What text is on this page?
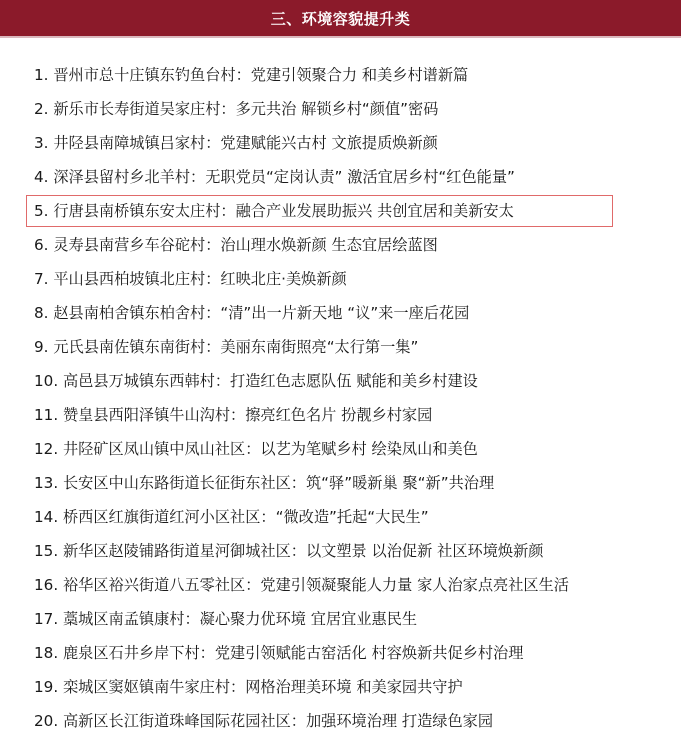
三、环境容貌提升类
1. 晋州市总十庄镇东钓鱼台村：党建引领聚合力 和美乡村谱新篇
2. 新乐市长寿街道吴家庄村：多元共治 解锁乡村“颜值”密码
3. 井陉县南障城镇吕家村：党建赋能兴古村 文旅提质焕新颜
4. 深泽县留村乡北羊村：无职党员“定岗认责” 激活宜居乡村“红色能量”
5. 行唐县南桥镇东安太庄村：融合产业发展助振兴 共创宜居和美新安太
6. 灵寿县南营乡车谷砣村：治山理水焕新颜 生态宜居绘蓝图
7. 平山县西柏坡镇北庄村：红映北庄·美焕新颜
8. 赵县南柏舍镇东柏舍村：“清”出一片新天地 “议”来一座后花园
9. 元氏县南佐镇东南街村：美丽东南街照亮“太行第一集”
10. 高邑县万城镇东西韩村：打造红色志愿队伍 赋能和美乡村建设
11. 赞皇县西阳泽镇牛山沟村：擦亮红色名片 扮靓乡村家园
12. 井陉矿区凤山镇中凤山社区：以艺为笔赋乡村 绘染凤山和美色
13. 长安区中山东路街道长征街东社区：筑“驿”暖新巢 聚“新”共治理
14. 桥西区红旗街道红河小区社区：“微改造”托起“大民生”
15. 新华区赵陵铺路街道星河御城社区：以文塑景 以治促新 社区环境焕新颜
16. 裕华区裕兴街道八五零社区：党建引领凝聚能人力量 家人治家点亮社区生活
17. 藁城区南孟镇康村：凝心聚力优环境 宜居宜业惠民生
18. 鹿泉区石井乡岸下村：党建引领赋能古窑活化 村容焕新共促乡村治理
19. 栾城区窦妪镇南牛家庄村：网格治理美环境 和美家园共守护
20. 高新区长江街道珠峰国际花园社区：加强环境治理 打造绿色家园
